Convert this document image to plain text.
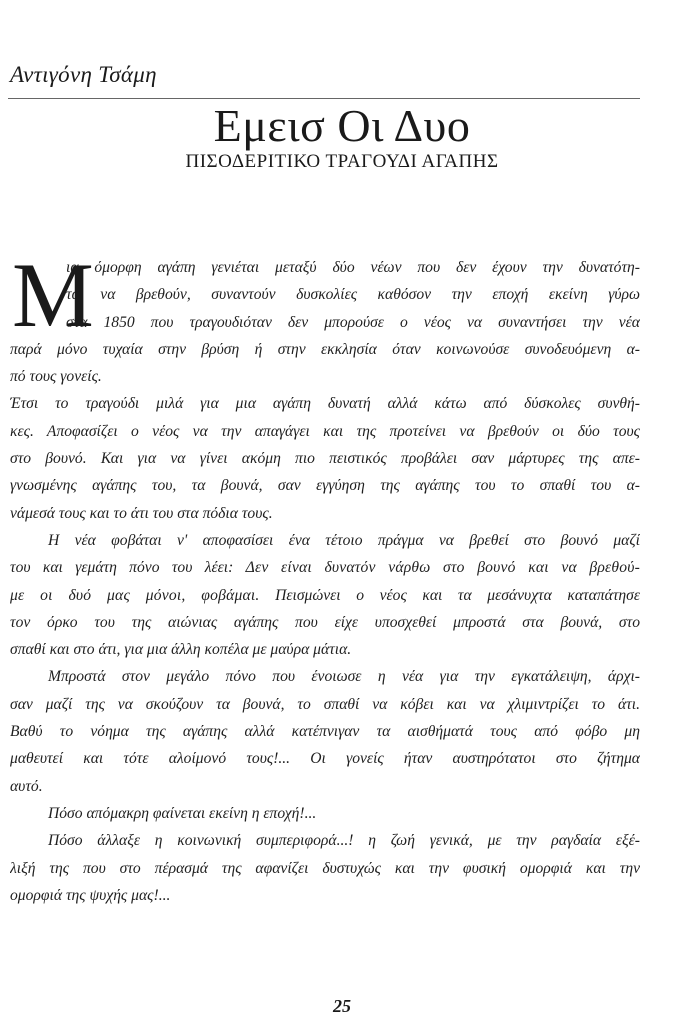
Αντιγόνη Τσάμη
Εμεισ Οι Δυο
ΠΙΣΟΔΕΡΙΤΙΚΟ ΤΡΑΓΟΥΔΙ ΑΓΑΠΗΣ
Μ
ια όμορφη αγάπη γενιέται μεταξύ δύο νέων που δεν έχουν την δυνατότη-
τα να βρεθούν, συναντούν δυσκολίες καθόσον την εποχή εκείνη γύρω
στα 1850 που τραγουδιόταν δεν μπορούσε ο νέος να συναντήσει την νέα
παρά μόνο τυχαία στην βρύση ή στην εκκλησία όταν κοινωνούσε συνοδευόμενη α-
πό τους γονείς.
Έτσι το τραγούδι μιλά για μια αγάπη δυνατή αλλά κάτω από δύσκολες συνθή-
κες. Αποφασίζει ο νέος να την απαγάγει και της προτείνει να βρεθούν οι δύο τους
στο βουνό. Και για να γίνει ακόμη πιο πειστικός προβάλει σαν μάρτυρες της απε-
γνωσμένης αγάπης του, τα βουνά, σαν εγγύηση της αγάπης του το σπαθί του α-
νάμεσά τους και το άτι του στα πόδια τους.
Η νέα φοβάται ν' αποφασίσει ένα τέτοιο πράγμα να βρεθεί στο βουνό μαζί
του και γεμάτη πόνο του λέει: Δεν είναι δυνατόν νάρθω στο βουνό και να βρεθού-
με οι δυό μας μόνοι, φοβάμαι. Πεισμώνει ο νέος και τα μεσάνυχτα καταπάτησε
τον όρκο του της αιώνιας αγάπης που είχε υποσχεθεί μπροστά στα βουνά, στο
σπαθί και στο άτι, για μια άλλη κοπέλα με μαύρα μάτια.
Μπροστά στον μεγάλο πόνο που ένοιωσε η νέα για την εγκατάλειψη, άρχι-
σαν μαζί της να σκούζουν τα βουνά, το σπαθί να κόβει και να χλιμιντρίζει το άτι.
Βαθύ το νόημα της αγάπης αλλά κατέπνιγαν τα αισθήματά τους από φόβο μη
μαθευτεί και τότε αλοίμονό τους!... Οι γονείς ήταν αυστηρότατοι στο ζήτημα
αυτό.
Πόσο απόμακρη φαίνεται εκείνη η εποχή!...
Πόσο άλλαξε η κοινωνική συμπεριφορά...! η ζωή γενικά, με την ραγδαία εξέ-
λιξή της που στο πέρασμά της αφανίζει δυστυχώς και την φυσική ομορφιά και την
ομορφιά της ψυχής μας!...
25
